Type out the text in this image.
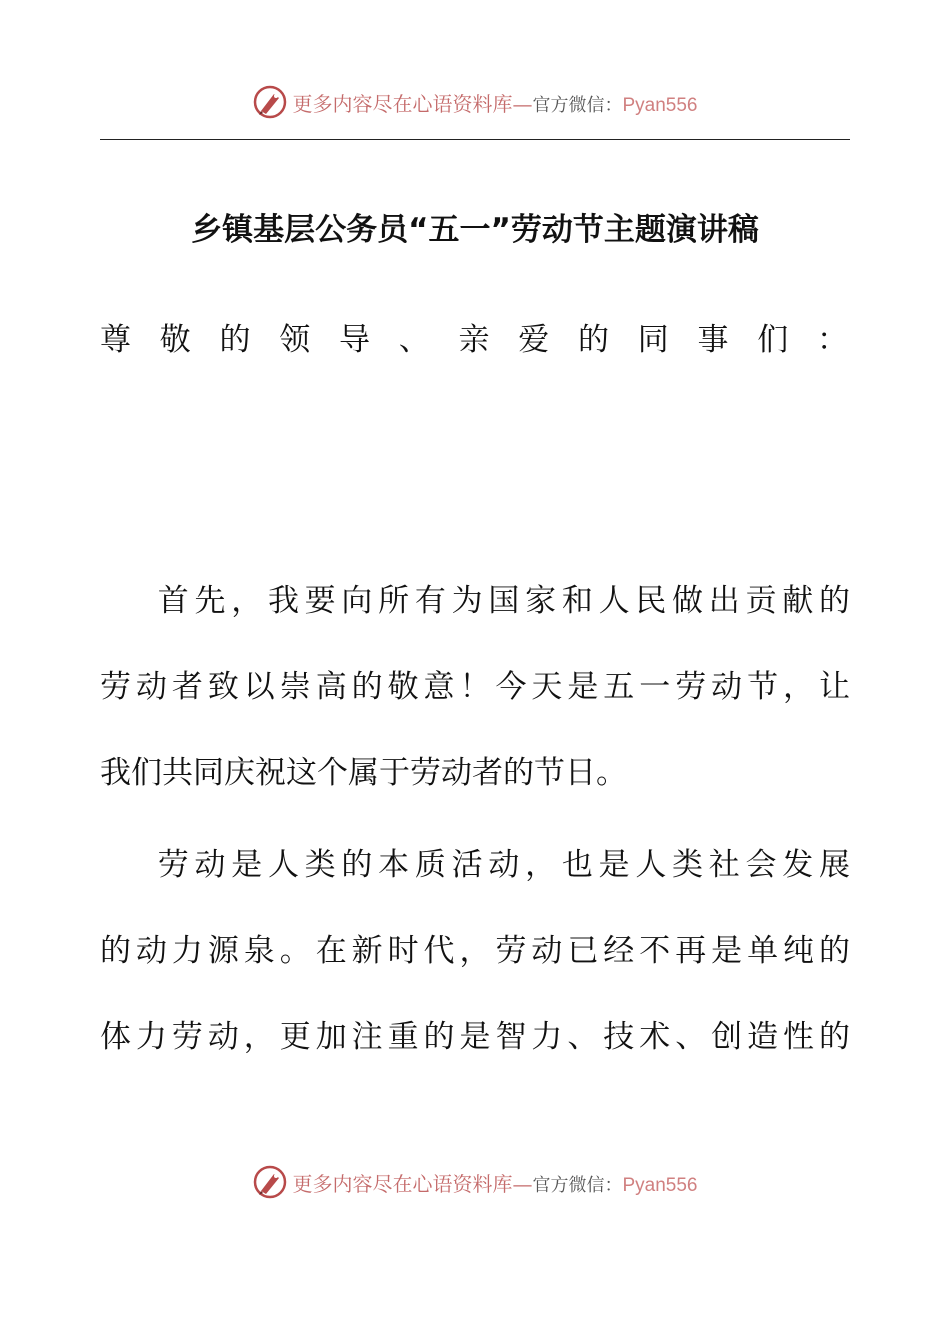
更多内容尽在心语资料库—官方微信：Pyan556
乡镇基层公务员“五一”劳动节主题演讲稿
尊敬的领导、亲爱的同事们：
首先，我要向所有为国家和人民做出贡献的
劳动者致以崇高的敬意！今天是五一劳动节，让
我们共同庆祝这个属于劳动者的节日。
劳动是人类的本质活动，也是人类社会发展
的动力源泉。在新时代，劳动已经不再是单纯的
体力劳动，更加注重的是智力、技术、创造性的
更多内容尽在心语资料库—官方微信：Pyan556
